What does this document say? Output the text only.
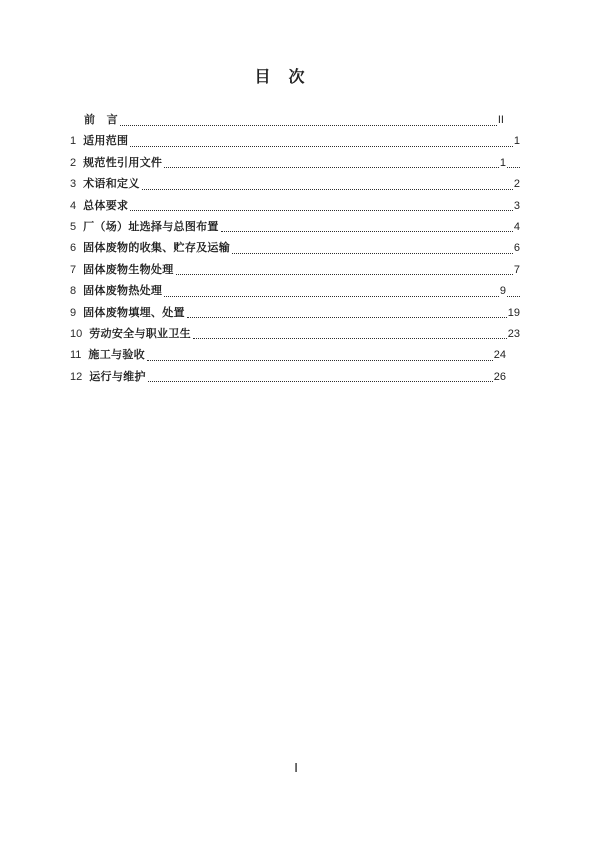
目　次
前　言	II
1 适用范围	1
2 规范性引用文件	1
3 术语和定义	2
4 总体要求	3
5 厂（场）址选择与总图布置	4
6 固体废物的收集、贮存及运输	6
7 固体废物生物处理	7
8 固体废物热处理	9
9 固体废物填埋、处置	19
10 劳动安全与职业卫生	23
11 施工与验收	24
12 运行与维护	26
I
